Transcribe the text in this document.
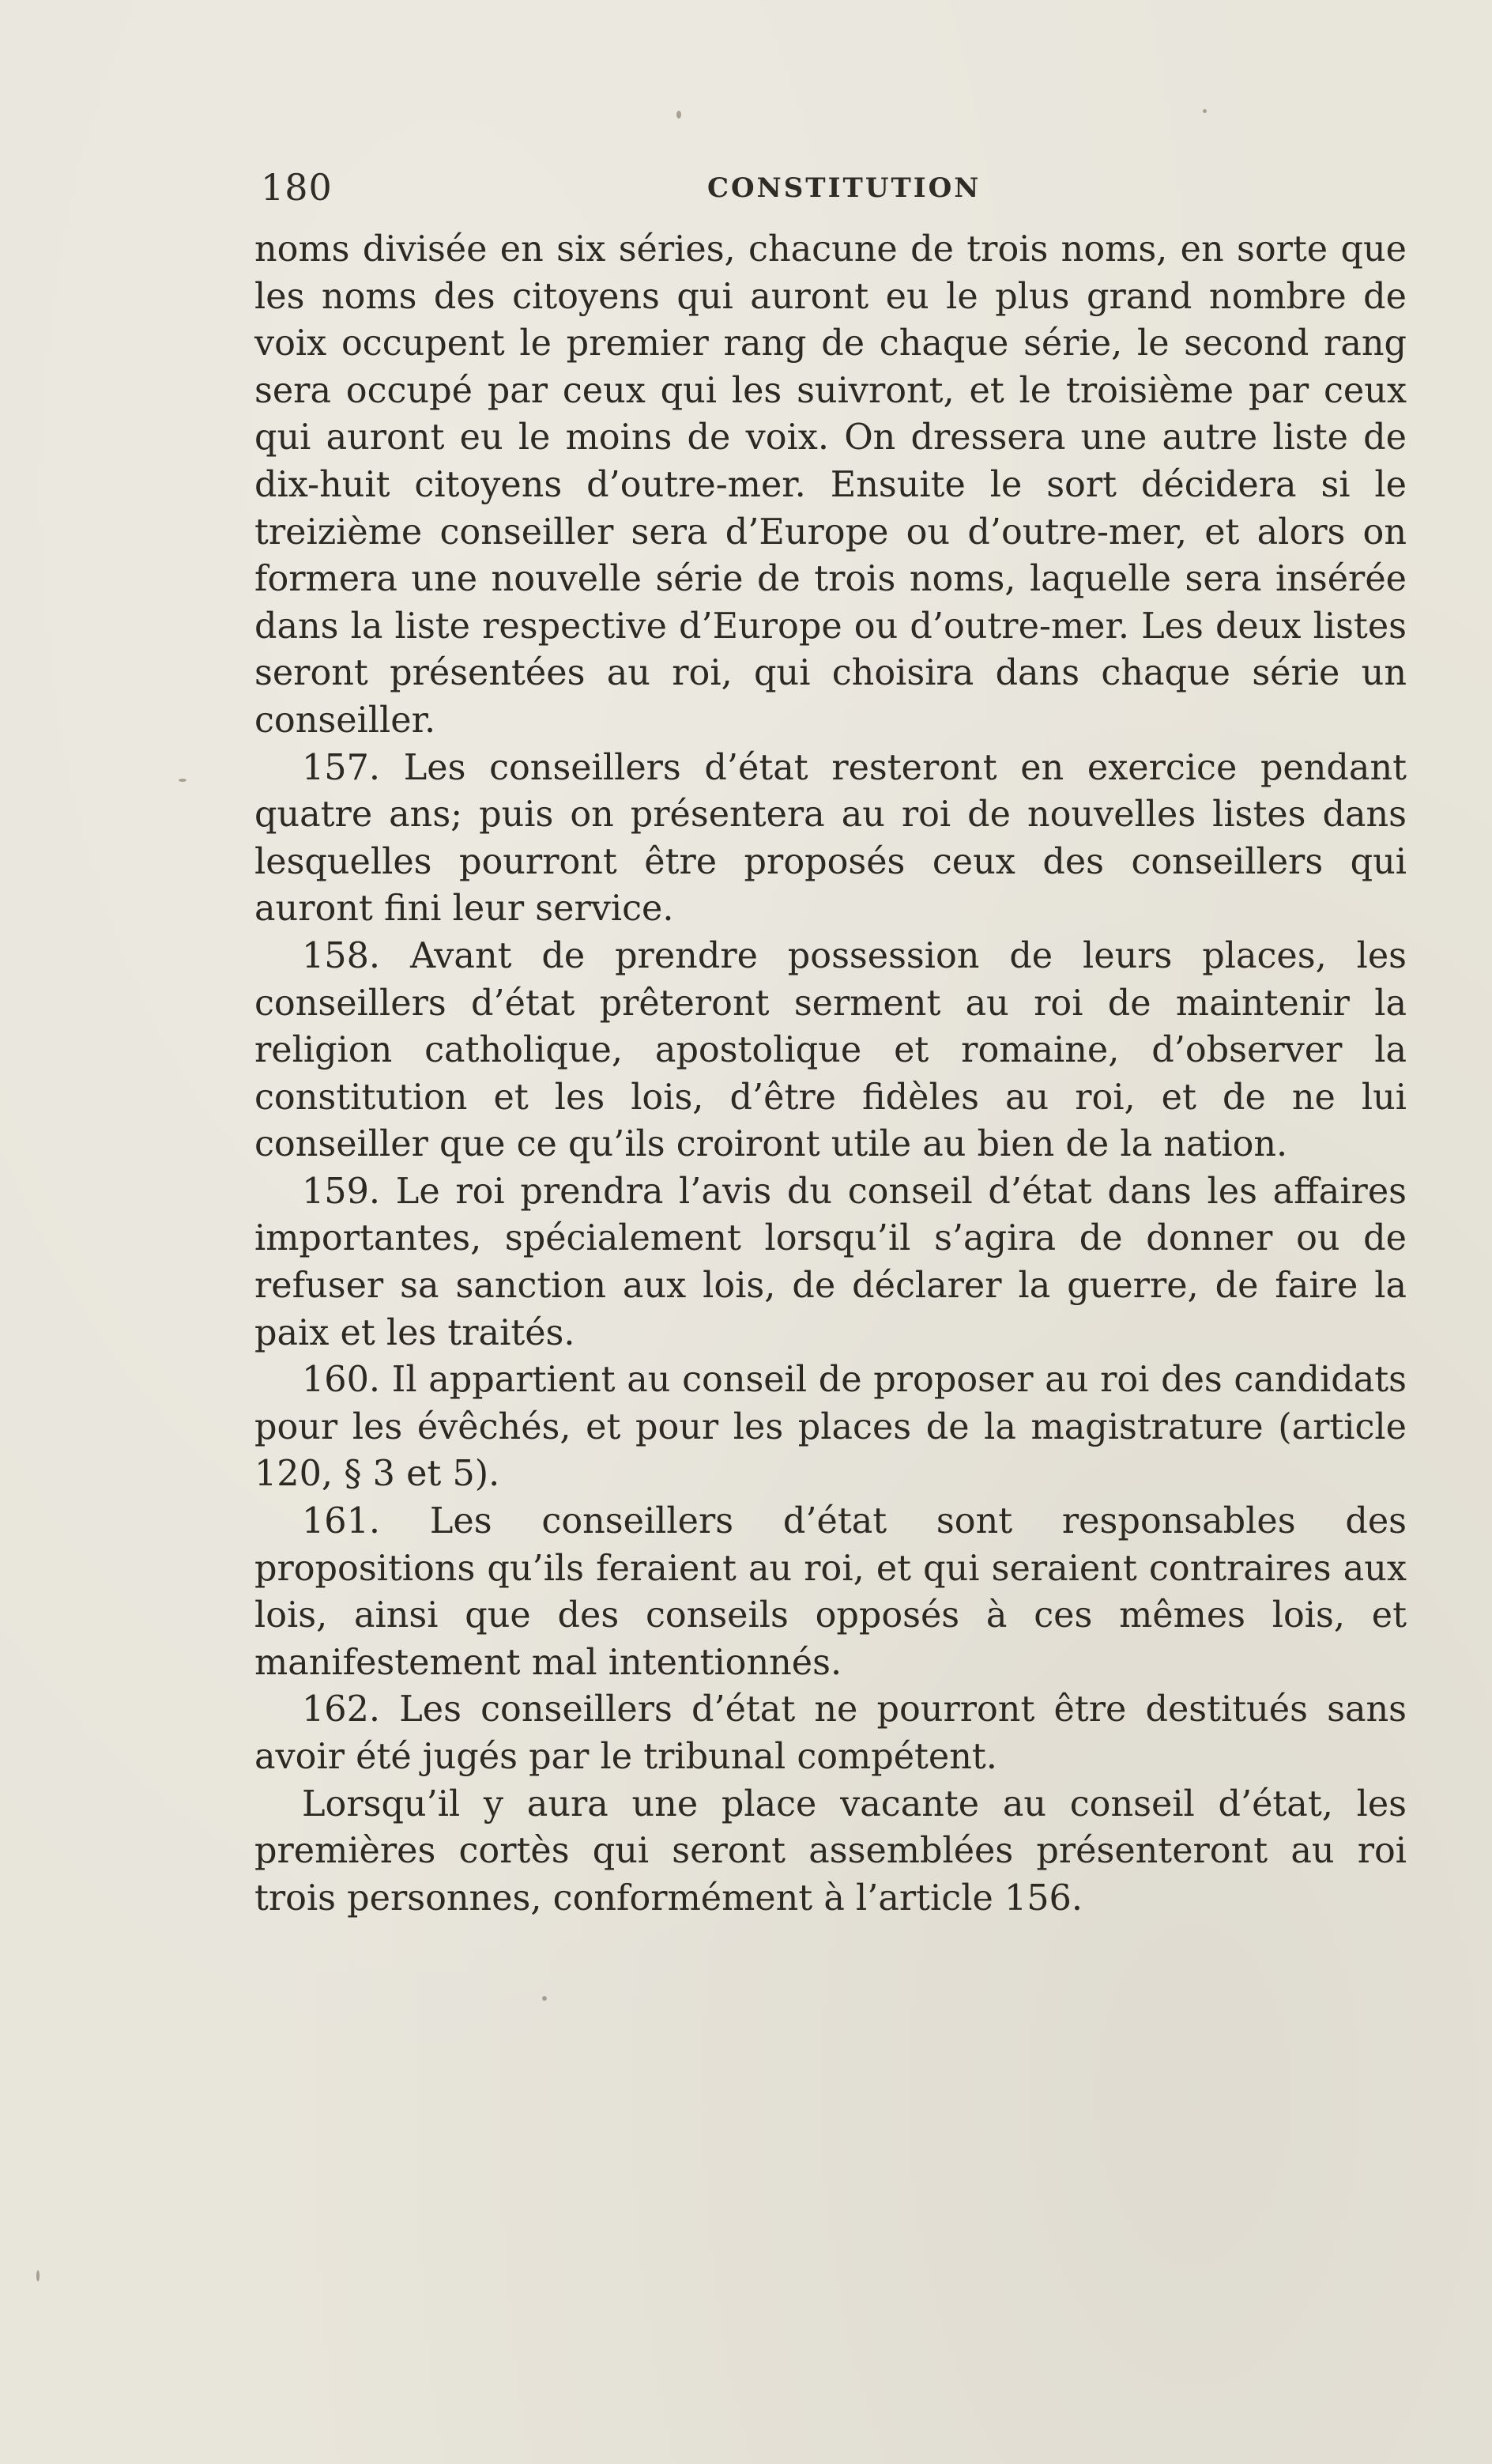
180	CONSTITUTION

noms divisée en six séries, chacune de trois noms, en sorte que les noms des citoyens qui auront eu le plus grand nombre de voix occupent le premier rang de chaque série, le second rang sera occupé par ceux qui les suivront, et le troisième par ceux qui auront eu le moins de voix. On dressera une autre liste de dix-huit citoyens d’outre-mer. Ensuite le sort décidera si le treizième conseiller sera d’Europe ou d’outre-mer, et alors on formera une nouvelle série de trois noms, laquelle sera insérée dans la liste respective d’Europe ou d’outre-mer. Les deux listes seront présentées au roi, qui choisira dans chaque série un conseiller.

157. Les conseillers d’état resteront en exercice pendant quatre ans; puis on présentera au roi de nouvelles listes dans lesquelles pourront être proposés ceux des conseillers qui auront fini leur service.

158. Avant de prendre possession de leurs places, les conseillers d’état prêteront serment au roi de maintenir la religion catholique, apostolique et romaine, d’observer la constitution et les lois, d’être fidèles au roi, et de ne lui conseiller que ce qu’ils croiront utile au bien de la nation.

159. Le roi prendra l’avis du conseil d’état dans les affaires importantes, spécialement lorsqu’il s’agira de donner ou de refuser sa sanction aux lois, de déclarer la guerre, de faire la paix et les traités.

160. Il appartient au conseil de proposer au roi des candidats pour les évêchés, et pour les places de la magistrature (article 120, § 3 et 5).

161. Les conseillers d’état sont responsables des propositions qu’ils feraient au roi, et qui seraient contraires aux lois, ainsi que des conseils opposés à ces mêmes lois, et manifestement mal intentionnés.

162. Les conseillers d’état ne pourront être destitués sans avoir été jugés par le tribunal compétent.

Lorsqu’il y aura une place vacante au conseil d’état, les premières cortès qui seront assemblées présenteront au roi trois personnes, conformément à l’article 156.
